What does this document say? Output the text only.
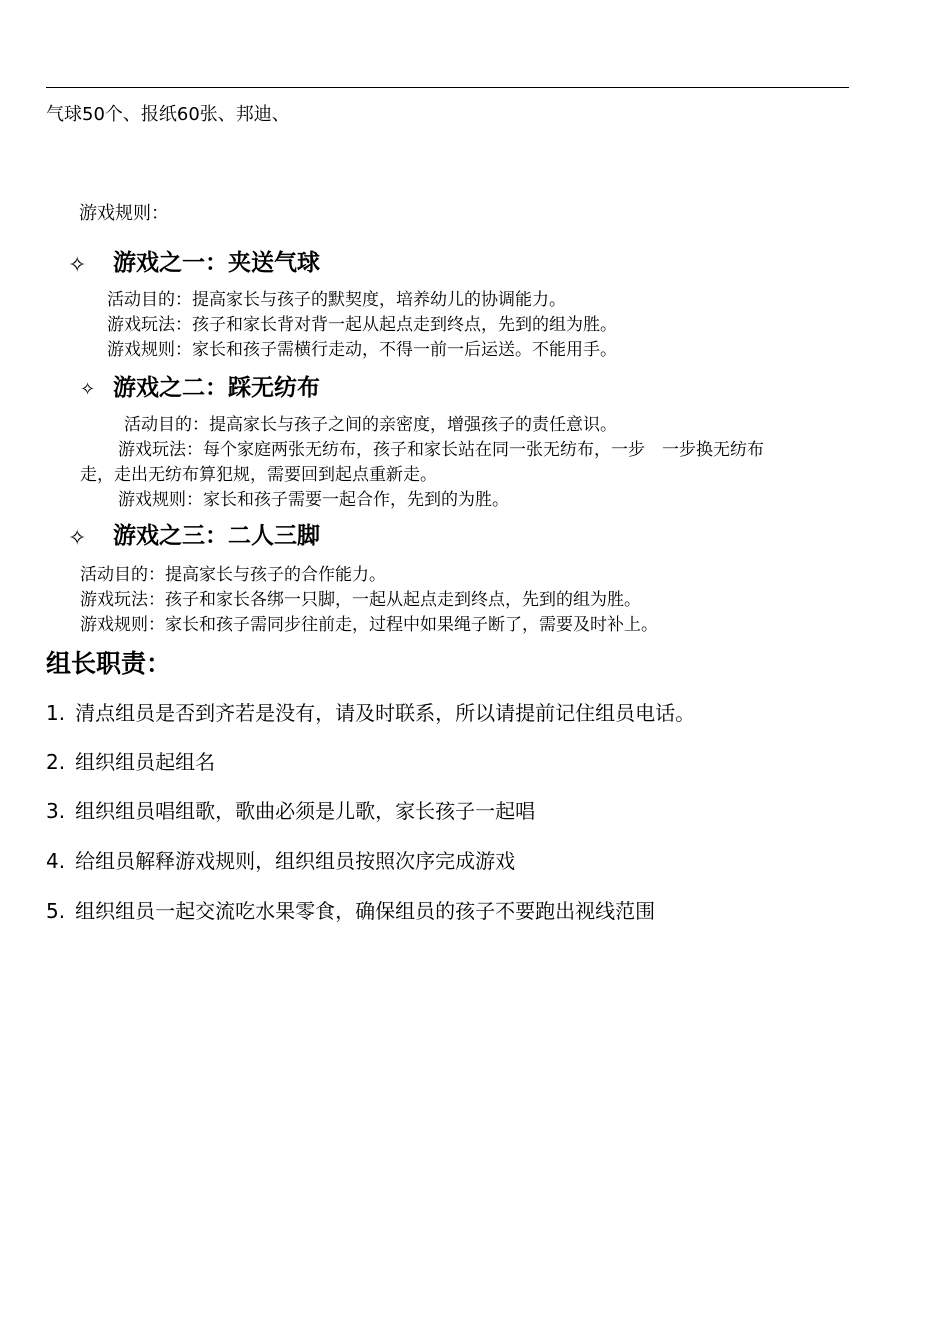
气球50个、报纸60张、邦迪、
游戏规则：
✧ 游戏之一：夹送气球
活动目的：提高家长与孩子的默契度，培养幼儿的协调能力。
游戏玩法：孩子和家长背对背一起从起点走到终点，先到的组为胜。
游戏规则：家长和孩子需横行走动，不得一前一后运送。不能用手。
✧ 游戏之二：踩无纺布
活动目的：提高家长与孩子之间的亲密度，增强孩子的责任意识。
游戏玩法：每个家庭两张无纺布，孩子和家长站在同一张无纺布，一步　一步换无纺布
走，走出无纺布算犯规，需要回到起点重新走。
游戏规则：家长和孩子需要一起合作，先到的为胜。
✧ 游戏之三：二人三脚
活动目的：提高家长与孩子的合作能力。
游戏玩法：孩子和家长各绑一只脚，一起从起点走到终点，先到的组为胜。
游戏规则：家长和孩子需同步往前走，过程中如果绳子断了，需要及时补上。
组长职责：
1. 清点组员是否到齐若是没有，请及时联系，所以请提前记住组员电话。
2. 组织组员起组名
3. 组织组员唱组歌，歌曲必须是儿歌，家长孩子一起唱
4. 给组员解释游戏规则，组织组员按照次序完成游戏
5. 组织组员一起交流吃水果零食，确保组员的孩子不要跑出视线范围
